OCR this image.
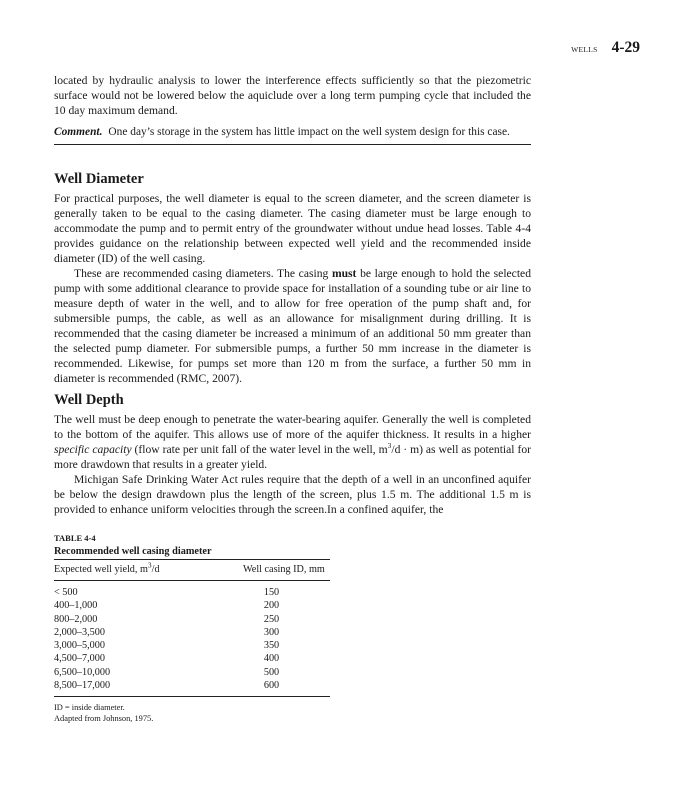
WELLS 4-29

located by hydraulic analysis to lower the interference effects sufficiently so that the piezometric surface would not be lowered below the aquiclude over a long term pumping cycle that included the 10 day maximum demand.

Comment. One day’s storage in the system has little impact on the well system design for this case.

Well Diameter

For practical purposes, the well diameter is equal to the screen diameter, and the screen diameter is generally taken to be equal to the casing diameter. The casing diameter must be large enough to accommodate the pump and to permit entry of the groundwater without undue head losses. Table 4-4 provides guidance on the relationship between expected well yield and the recommended inside diameter (ID) of the well casing.

These are recommended casing diameters. The casing must be large enough to hold the selected pump with some additional clearance to provide space for installation of a sounding tube or air line to measure depth of water in the well, and to allow for free operation of the pump shaft and, for submersible pumps, the cable, as well as an allowance for misalignment during drilling. It is recommended that the casing diameter be increased a minimum of an additional 50 mm greater than the selected pump diameter. For submersible pumps, a further 50 mm increase in the diameter is recommended. Likewise, for pumps set more than 120 m from the surface, a further 50 mm in diameter is recommended (RMC, 2007).

Well Depth

The well must be deep enough to penetrate the water-bearing aquifer. Generally the well is completed to the bottom of the aquifer. This allows use of more of the aquifer thickness. It results in a higher specific capacity (flow rate per unit fall of the water level in the well, $m^3/d \cdot m$) as well as potential for more drawdown that results in a greater yield.

Michigan Safe Drinking Water Act rules require that the depth of a well in an unconfined aquifer be below the design drawdown plus the length of the screen, plus 1.5 m. The additional 1.5 m is provided to enhance uniform velocities through the screen.In a confined aquifer, the

TABLE 4-4
Recommended well casing diameter
Expected well yield, $m^3/d$	Well casing ID, mm
< 500	150
400–1,000	200
800–2,000	250
2,000–3,500	300
3,000–5,000	350
4,500–7,000	400
6,500–10,000	500
8,500–17,000	600
ID = inside diameter.
Adapted from Johnson, 1975.
